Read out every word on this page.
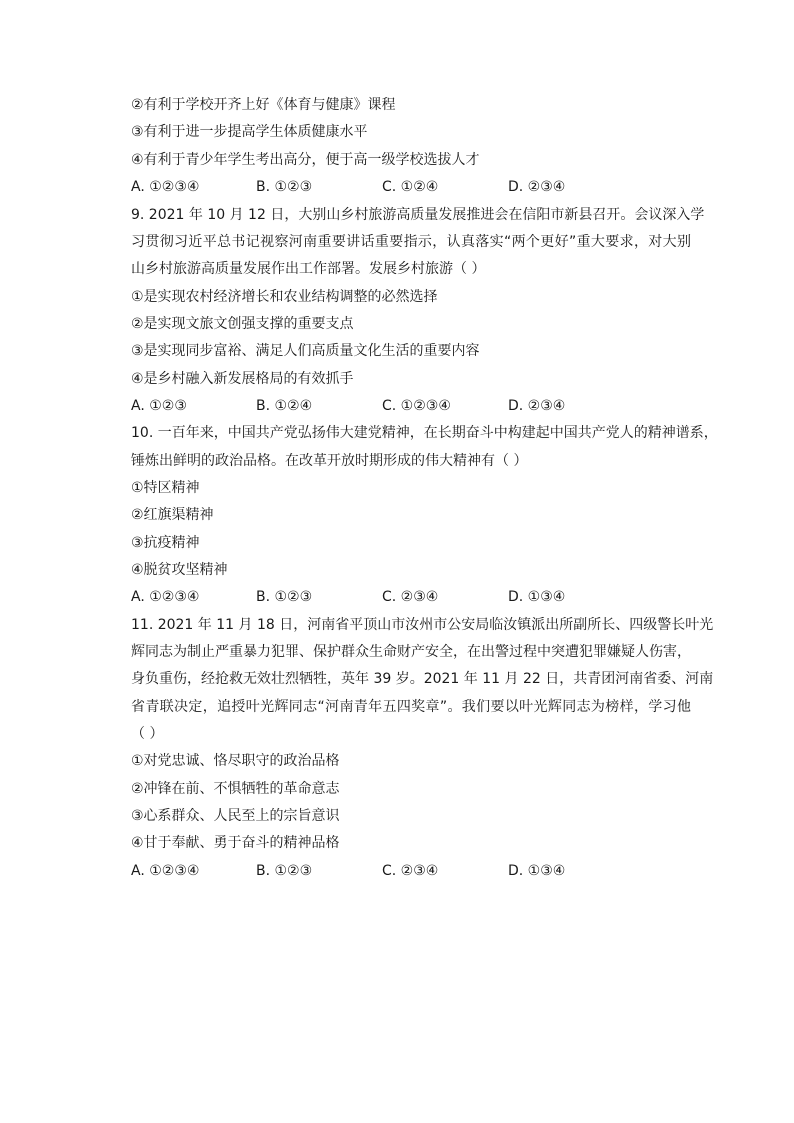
②有利于学校开齐上好《体育与健康》课程
③有利于进一步提高学生体质健康水平
④有利于青少年学生考出高分，便于高一级学校选拔人才
A. ①②③④	B. ①②③	C. ①②④	D. ②③④
9. 2021 年 10 月 12 日，大别山乡村旅游高质量发展推进会在信阳市新县召开。会议深入学
习贯彻习近平总书记视察河南重要讲话重要指示，认真落实“两个更好”重大要求，对大别
山乡村旅游高质量发展作出工作部署。发展乡村旅游（ ）
①是实现农村经济增长和农业结构调整的必然选择
②是实现文旅文创强支撑的重要支点
③是实现同步富裕、满足人们高质量文化生活的重要内容
④是乡村融入新发展格局的有效抓手
A. ①②③	B. ①②④	C. ①②③④	D. ②③④
10. 一百年来，中国共产党弘扬伟大建党精神，在长期奋斗中构建起中国共产党人的精神谱系，
锤炼出鲜明的政治品格。在改革开放时期形成的伟大精神有（ ）
①特区精神
②红旗渠精神
③抗疫精神
④脱贫攻坚精神
A. ①②③④	B. ①②③	C. ②③④	D. ①③④
11. 2021 年 11 月 18 日，河南省平顶山市汝州市公安局临汝镇派出所副所长、四级警长叶光
辉同志为制止严重暴力犯罪、保护群众生命财产安全，在出警过程中突遭犯罪嫌疑人伤害，
身负重伤，经抢救无效壮烈牺牲，英年 39 岁。2021 年 11 月 22 日，共青团河南省委、河南
省青联决定，追授叶光辉同志“河南青年五四奖章”。我们要以叶光辉同志为榜样，学习他
（ ）
①对党忠诚、恪尽职守的政治品格
②冲锋在前、不惧牺牲的革命意志
③心系群众、人民至上的宗旨意识
④甘于奉献、勇于奋斗的精神品格
A. ①②③④	B. ①②③	C. ②③④	D. ①③④
